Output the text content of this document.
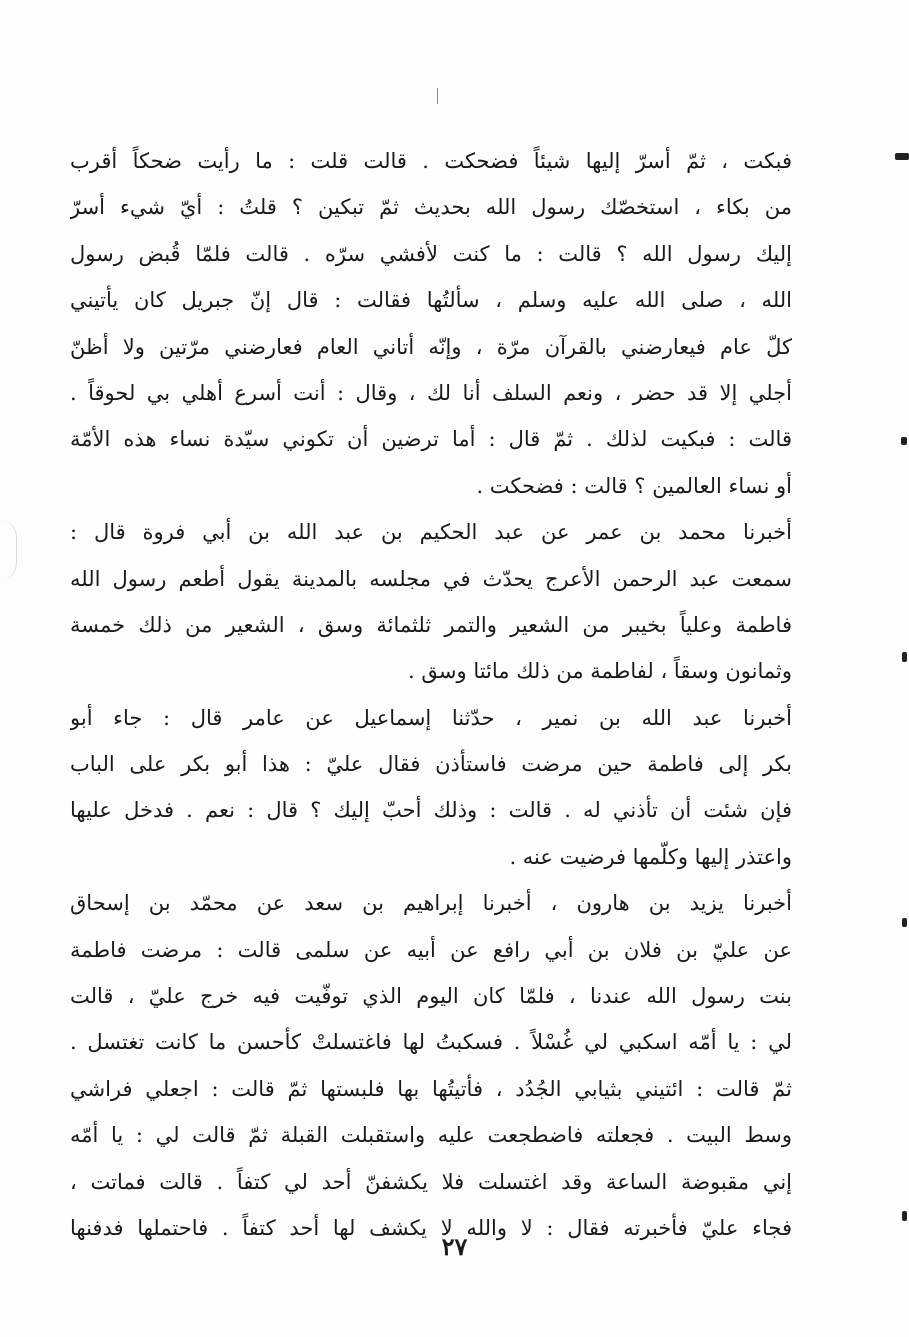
فبكت ، ثمّ أسرّ إليها شيئاً فضحكت . قالت قلت : ما رأيت ضحكاً أقرب
من بكاء ، استخصّك رسول الله بحديث ثمّ تبكين ؟ قلتُ : أيّ شيء أسرّ
إليك رسول الله ؟ قالت : ما كنت لأفشي سرّه . قالت فلمّا قُبض رسول
الله ، صلى الله عليه وسلم ، سألتُها فقالت : قال إنّ جبريل كان يأتيني
كلّ عام فيعارضني بالقرآن مرّة ، وإنّه أتاني العام فعارضني مرّتين ولا أظنّ
أجلي إلا قد حضر ، ونعم السلف أنا لك ، وقال : أنت أسرع أهلي بي لحوقاً .
قالت : فبكيت لذلك . ثمّ قال : أما ترضين أن تكوني سيّدة نساء هذه الأمّة
أو نساء العالمين ؟ قالت : فضحكت .
أخبرنا محمد بن عمر عن عبد الحكيم بن عبد الله بن أبي فروة قال :
سمعت عبد الرحمن الأعرج يحدّث في مجلسه بالمدينة يقول أطعم رسول الله
فاطمة وعلياً بخيبر من الشعير والتمر ثلثمائة وسق ، الشعير من ذلك خمسة
وثمانون وسقاً ، لفاطمة من ذلك مائتا وسق .
أخبرنا عبد الله بن نمير ، حدّثنا إسماعيل عن عامر قال : جاء أبو
بكر إلى فاطمة حين مرضت فاستأذن فقال عليّ : هذا أبو بكر على الباب
فإن شئت أن تأذني له . قالت : وذلك أحبّ إليك ؟ قال : نعم . فدخل عليها
واعتذر إليها وكلّمها فرضيت عنه .
أخبرنا يزيد بن هارون ، أخبرنا إبراهيم بن سعد عن محمّد بن إسحاق
عن عليّ بن فلان بن أبي رافع عن أبيه عن سلمى قالت : مرضت فاطمة
بنت رسول الله عندنا ، فلمّا كان اليوم الذي توفّيت فيه خرج عليّ ، قالت
لي : يا أمّه اسكبي لي غُسْلاً . فسكبتُ لها فاغتسلتْ كأحسن ما كانت تغتسل .
ثمّ قالت : ائتيني بثيابي الجُدُد ، فأتيتُها بها فلبستها ثمّ قالت : اجعلي فراشي
وسط البيت . فجعلته فاضطجعت عليه واستقبلت القبلة ثمّ قالت لي : يا أمّه
إني مقبوضة الساعة وقد اغتسلت فلا يكشفنّ أحد لي كتفاً . قالت فماتت ،
فجاء عليّ فأخبرته فقال : لا والله لا يكشف لها أحد كتفاً . فاحتملها فدفنها
٢٧
